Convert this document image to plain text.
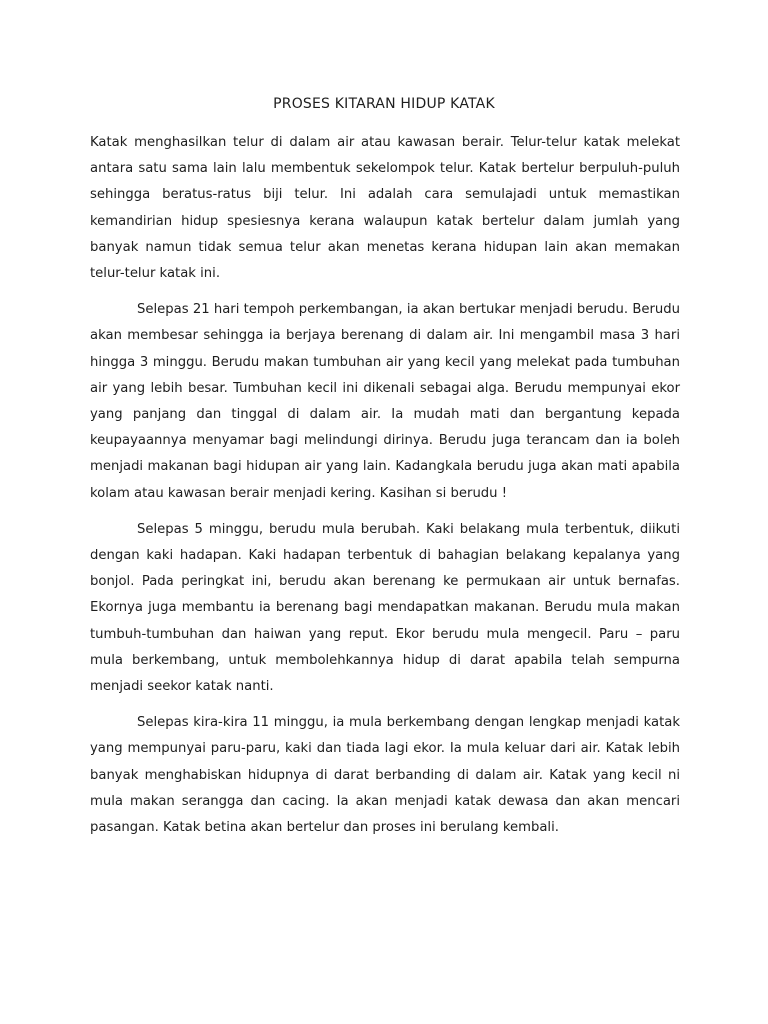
PROSES KITARAN HIDUP KATAK

Katak menghasilkan telur di dalam air atau kawasan berair. Telur-telur katak melekat antara satu sama lain lalu membentuk sekelompok telur. Katak bertelur berpuluh-puluh sehingga beratus-ratus biji telur. Ini adalah cara semulajadi untuk memastikan kemandirian hidup spesiesnya kerana walaupun katak bertelur dalam jumlah yang banyak namun tidak semua telur akan menetas kerana hidupan lain akan memakan telur-telur katak ini.

Selepas 21 hari tempoh perkembangan, ia akan bertukar menjadi berudu. Berudu akan membesar sehingga ia berjaya berenang di dalam air. Ini mengambil masa 3 hari hingga 3 minggu. Berudu makan tumbuhan air yang kecil yang melekat pada tumbuhan air yang lebih besar. Tumbuhan kecil ini dikenali sebagai alga. Berudu mempunyai ekor yang panjang dan tinggal di dalam air. Ia mudah mati dan bergantung kepada keupayaannya menyamar bagi melindungi dirinya. Berudu juga terancam dan ia boleh menjadi makanan bagi hidupan air yang lain. Kadangkala berudu juga akan mati apabila kolam atau kawasan berair menjadi kering. Kasihan si berudu !

Selepas 5 minggu, berudu mula berubah. Kaki belakang mula terbentuk, diikuti dengan kaki hadapan. Kaki hadapan terbentuk di bahagian belakang kepalanya yang bonjol. Pada peringkat ini, berudu akan berenang ke permukaan air untuk bernafas. Ekornya juga membantu ia berenang bagi mendapatkan makanan. Berudu mula makan tumbuh-tumbuhan dan haiwan yang reput. Ekor berudu mula mengecil. Paru – paru mula berkembang, untuk membolehkannya hidup di darat apabila telah sempurna menjadi seekor katak nanti.

Selepas kira-kira 11 minggu, ia mula berkembang dengan lengkap menjadi katak yang mempunyai paru-paru, kaki dan tiada lagi ekor. Ia mula keluar dari air. Katak lebih banyak menghabiskan hidupnya di darat berbanding di dalam air. Katak yang kecil ni mula makan serangga dan cacing. Ia akan menjadi katak dewasa dan akan mencari pasangan. Katak betina akan bertelur dan proses ini berulang kembali.
